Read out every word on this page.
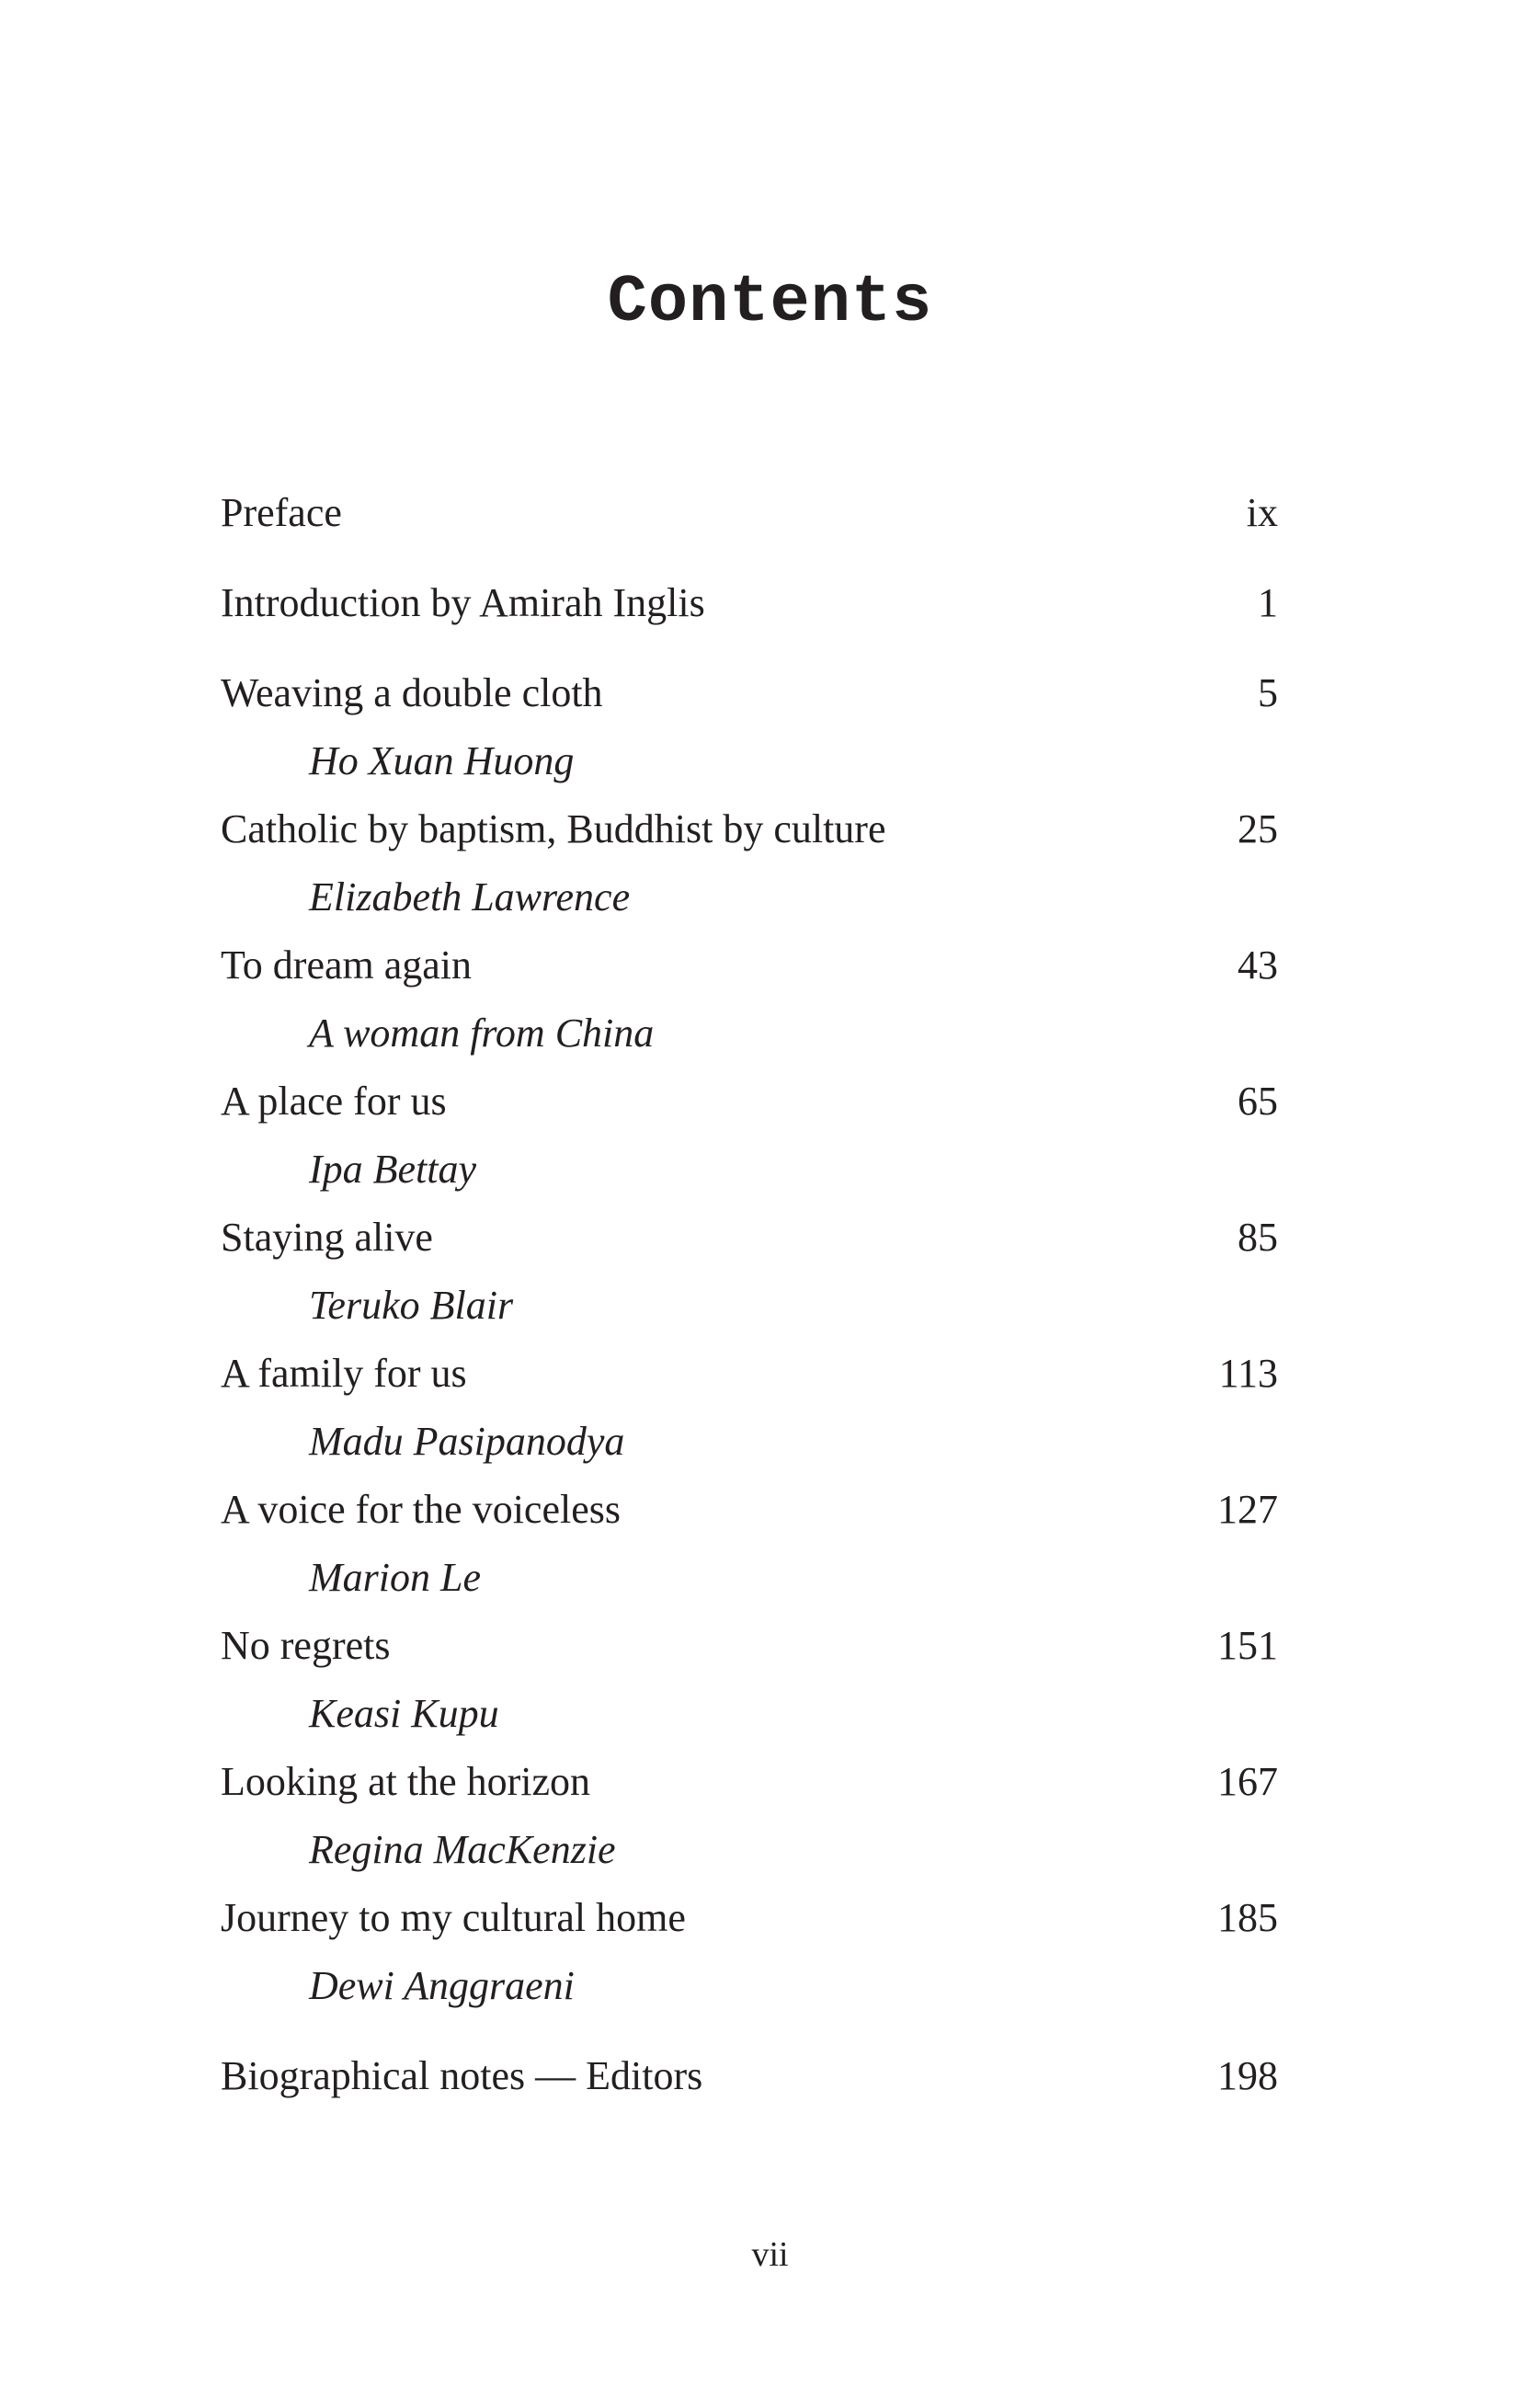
Contents
Preface	ix
Introduction by Amirah Inglis	1
Weaving a double cloth	5
Ho Xuan Huong
Catholic by baptism, Buddhist by culture	25
Elizabeth Lawrence
To dream again	43
A woman from China
A place for us	65
Ipa Bettay
Staying alive	85
Teruko Blair
A family for us	113
Madu Pasipanodya
A voice for the voiceless	127
Marion Le
No regrets	151
Keasi Kupu
Looking at the horizon	167
Regina MacKenzie
Journey to my cultural home	185
Dewi Anggraeni
Biographical notes — Editors	198
vii
